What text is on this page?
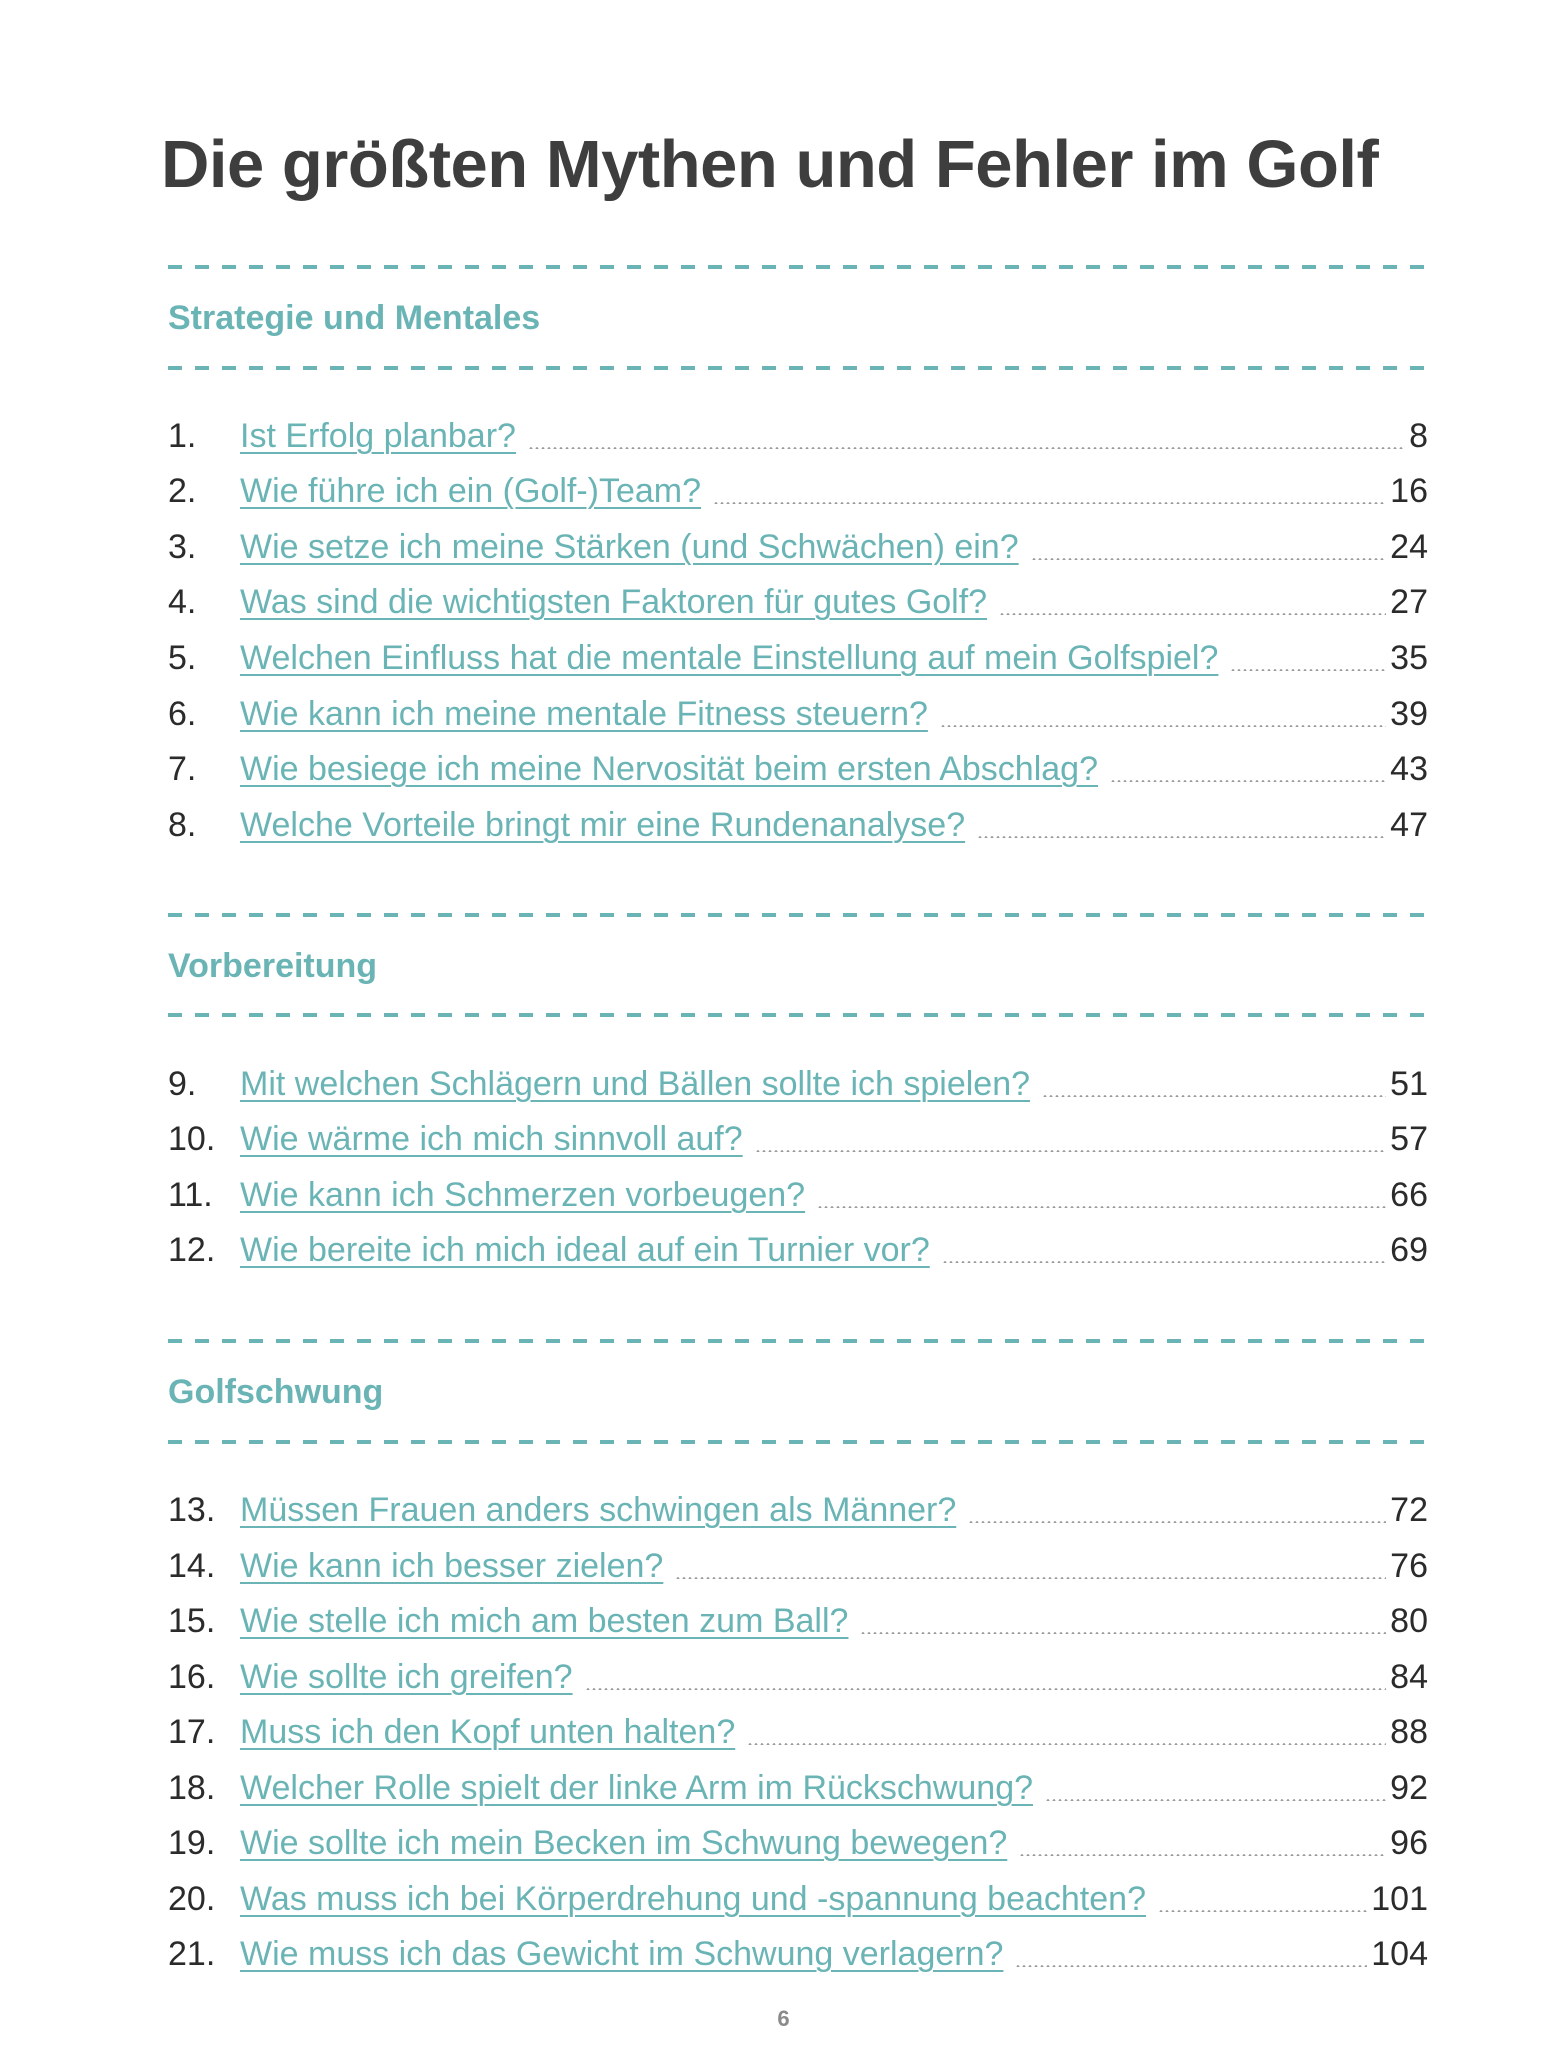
Die größten Mythen und Fehler im Golf
Strategie und Mentales
1.	Ist Erfolg planbar?	8
2.	Wie führe ich ein (Golf-)Team?	16
3.	Wie setze ich meine Stärken (und Schwächen) ein?	24
4.	Was sind die wichtigsten Faktoren für gutes Golf?	27
5.	Welchen Einfluss hat die mentale Einstellung auf mein Golfspiel?	35
6.	Wie kann ich meine mentale Fitness steuern?	39
7.	Wie besiege ich meine Nervosität beim ersten Abschlag?	43
8.	Welche Vorteile bringt mir eine Rundenanalyse?	47
Vorbereitung
9.	Mit welchen Schlägern und Bällen sollte ich spielen?	51
10. Wie wärme ich mich sinnvoll auf?	57
11. Wie kann ich Schmerzen vorbeugen?	66
12. Wie bereite ich mich ideal auf ein Turnier vor?	69
Golfschwung
13. Müssen Frauen anders schwingen als Männer?	72
14. Wie kann ich besser zielen?	76
15. Wie stelle ich mich am besten zum Ball?	80
16. Wie sollte ich greifen?	84
17. Muss ich den Kopf unten halten?	88
18. Welcher Rolle spielt der linke Arm im Rückschwung?	92
19. Wie sollte ich mein Becken im Schwung bewegen?	96
20. Was muss ich bei Körperdrehung und -spannung beachten?	101
21. Wie muss ich das Gewicht im Schwung verlagern?	104
6
